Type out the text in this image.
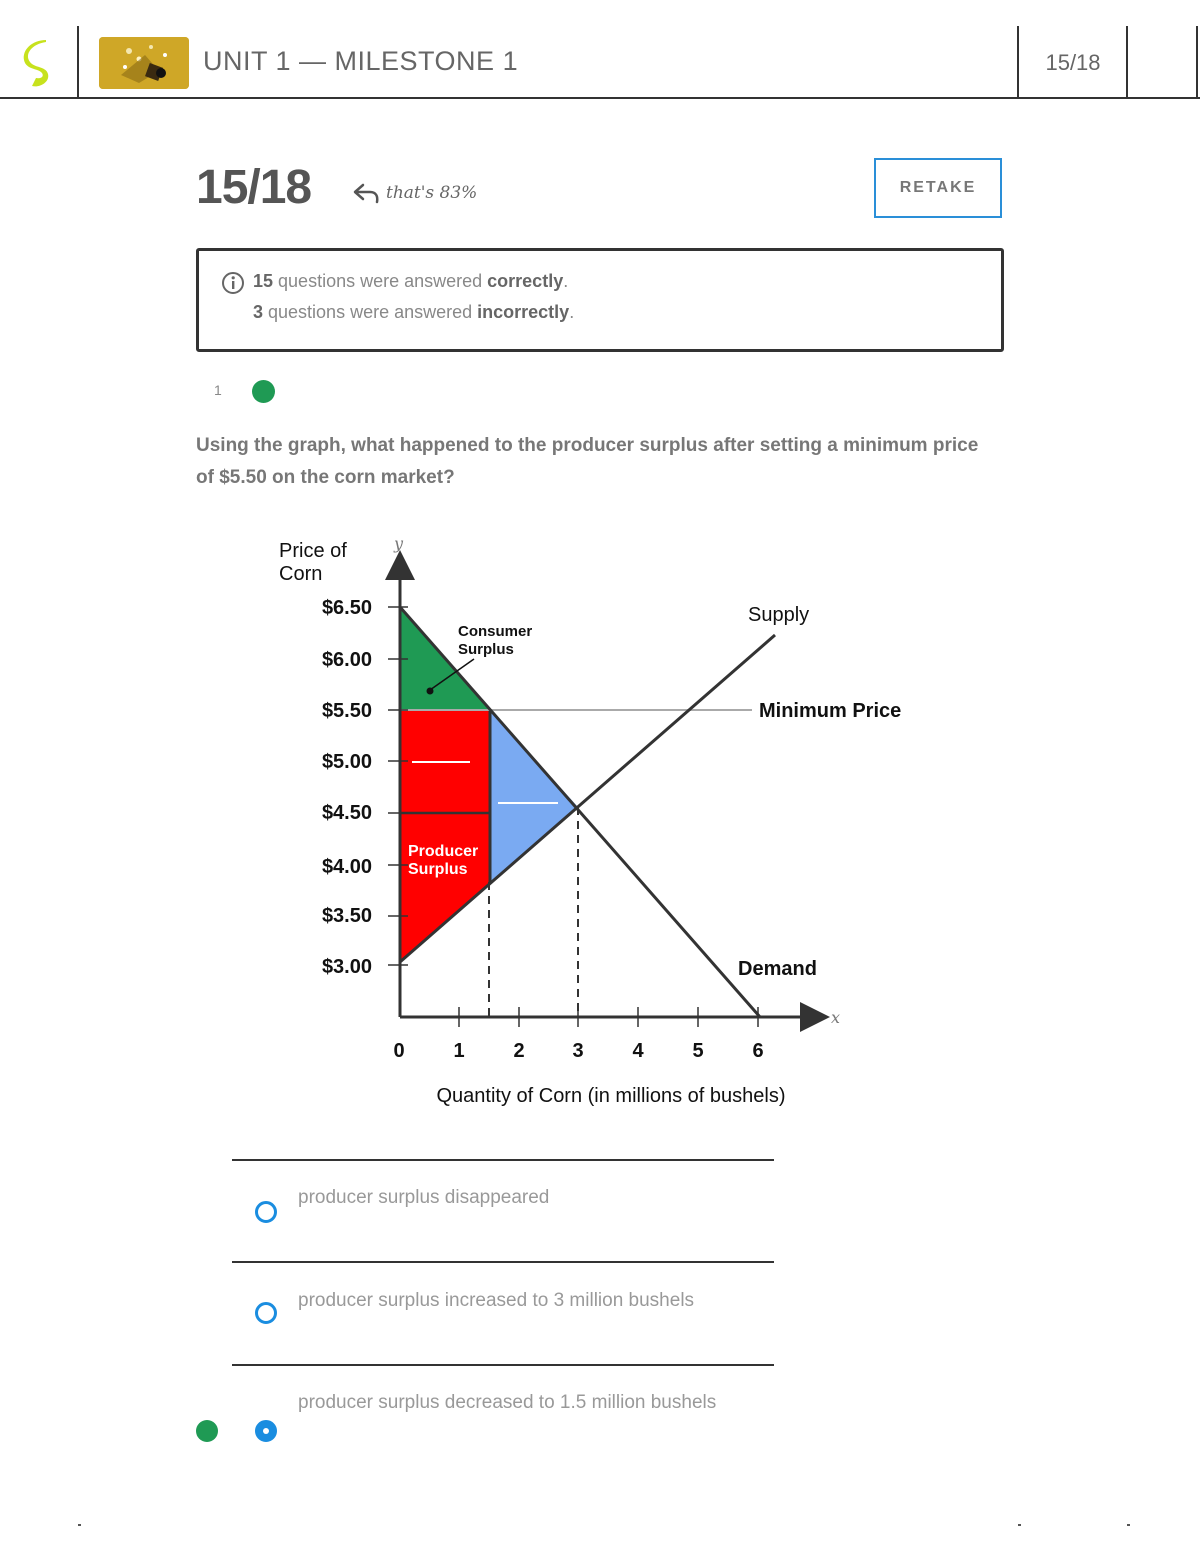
UNIT 1 — MILESTONE 1	15/18
15/18	that's 83%	RETAKE
15 questions were answered correctly.
3 questions were answered incorrectly.
1
Using the graph, what happened to the producer surplus after setting a minimum price of $5.50 on the corn market?
Price of
Corn
y
x
$6.50
$6.00
$5.50
$5.00
$4.50
$4.00
$3.50
$3.00
0 1 2 3 4 5 6
Quantity of Corn (in millions of bushels)
Supply
Demand
Minimum Price
Consumer
Surplus
Producer
Surplus
producer surplus disappeared
producer surplus increased to 3 million bushels
producer surplus decreased to 1.5 million bushels
